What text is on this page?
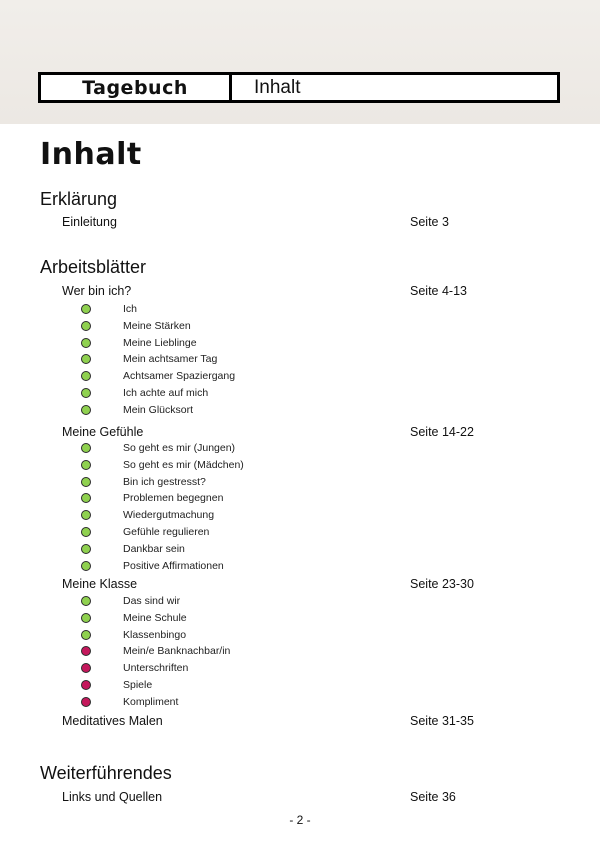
Tagebuch	Inhalt
Inhalt
Erklärung
Einleitung	Seite 3
Arbeitsblätter
Wer bin ich?	Seite 4-13
Ich
Meine Stärken
Meine Lieblinge
Mein achtsamer Tag
Achtsamer Spaziergang
Ich achte auf mich
Mein Glücksort
Meine Gefühle	Seite 14-22
So geht es mir (Jungen)
So geht es mir (Mädchen)
Bin ich gestresst?
Problemen begegnen
Wiedergutmachung
Gefühle regulieren
Dankbar sein
Positive Affirmationen
Meine Klasse	Seite 23-30
Das sind wir
Meine Schule
Klassenbingo
Mein/e Banknachbar/in
Unterschriften
Spiele
Kompliment
Meditatives Malen	Seite 31-35
Weiterführendes
Links und Quellen	Seite 36
- 2 -
